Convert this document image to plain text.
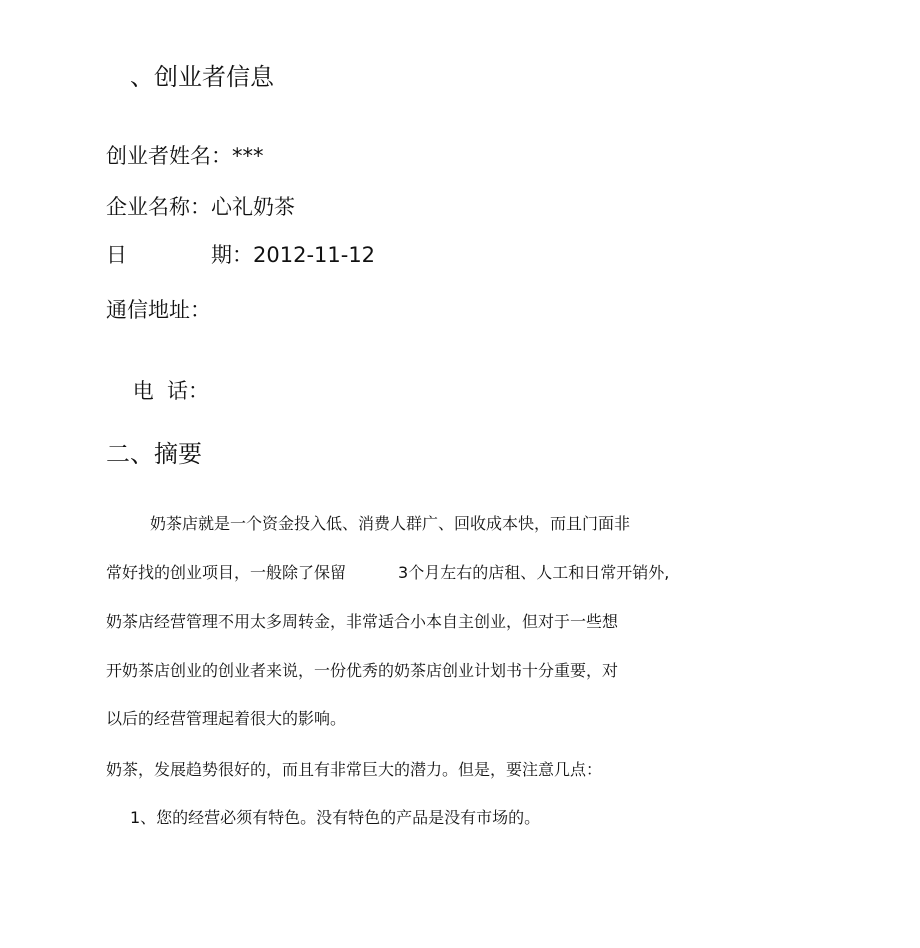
、创业者信息
创业者姓名：***
企业名称：心礼奶茶
日	期：2012-11-12
通信地址：

电  话：

二、摘要
奶茶店就是一个资金投入低、消费人群广、回收成本快，而且门面非
常好找的创业项目，一般除了保留	3个月左右的店租、人工和日常开销外,
奶茶店经营管理不用太多周转金，非常适合小本自主创业，但对于一些想
开奶茶店创业的创业者来说，一份优秀的奶茶店创业计划书十分重要，对
以后的经营管理起着很大的影响。
奶茶，发展趋势很好的，而且有非常巨大的潜力。但是，要注意几点：
1、您的经营必须有特色。没有特色的产品是没有市场的。
